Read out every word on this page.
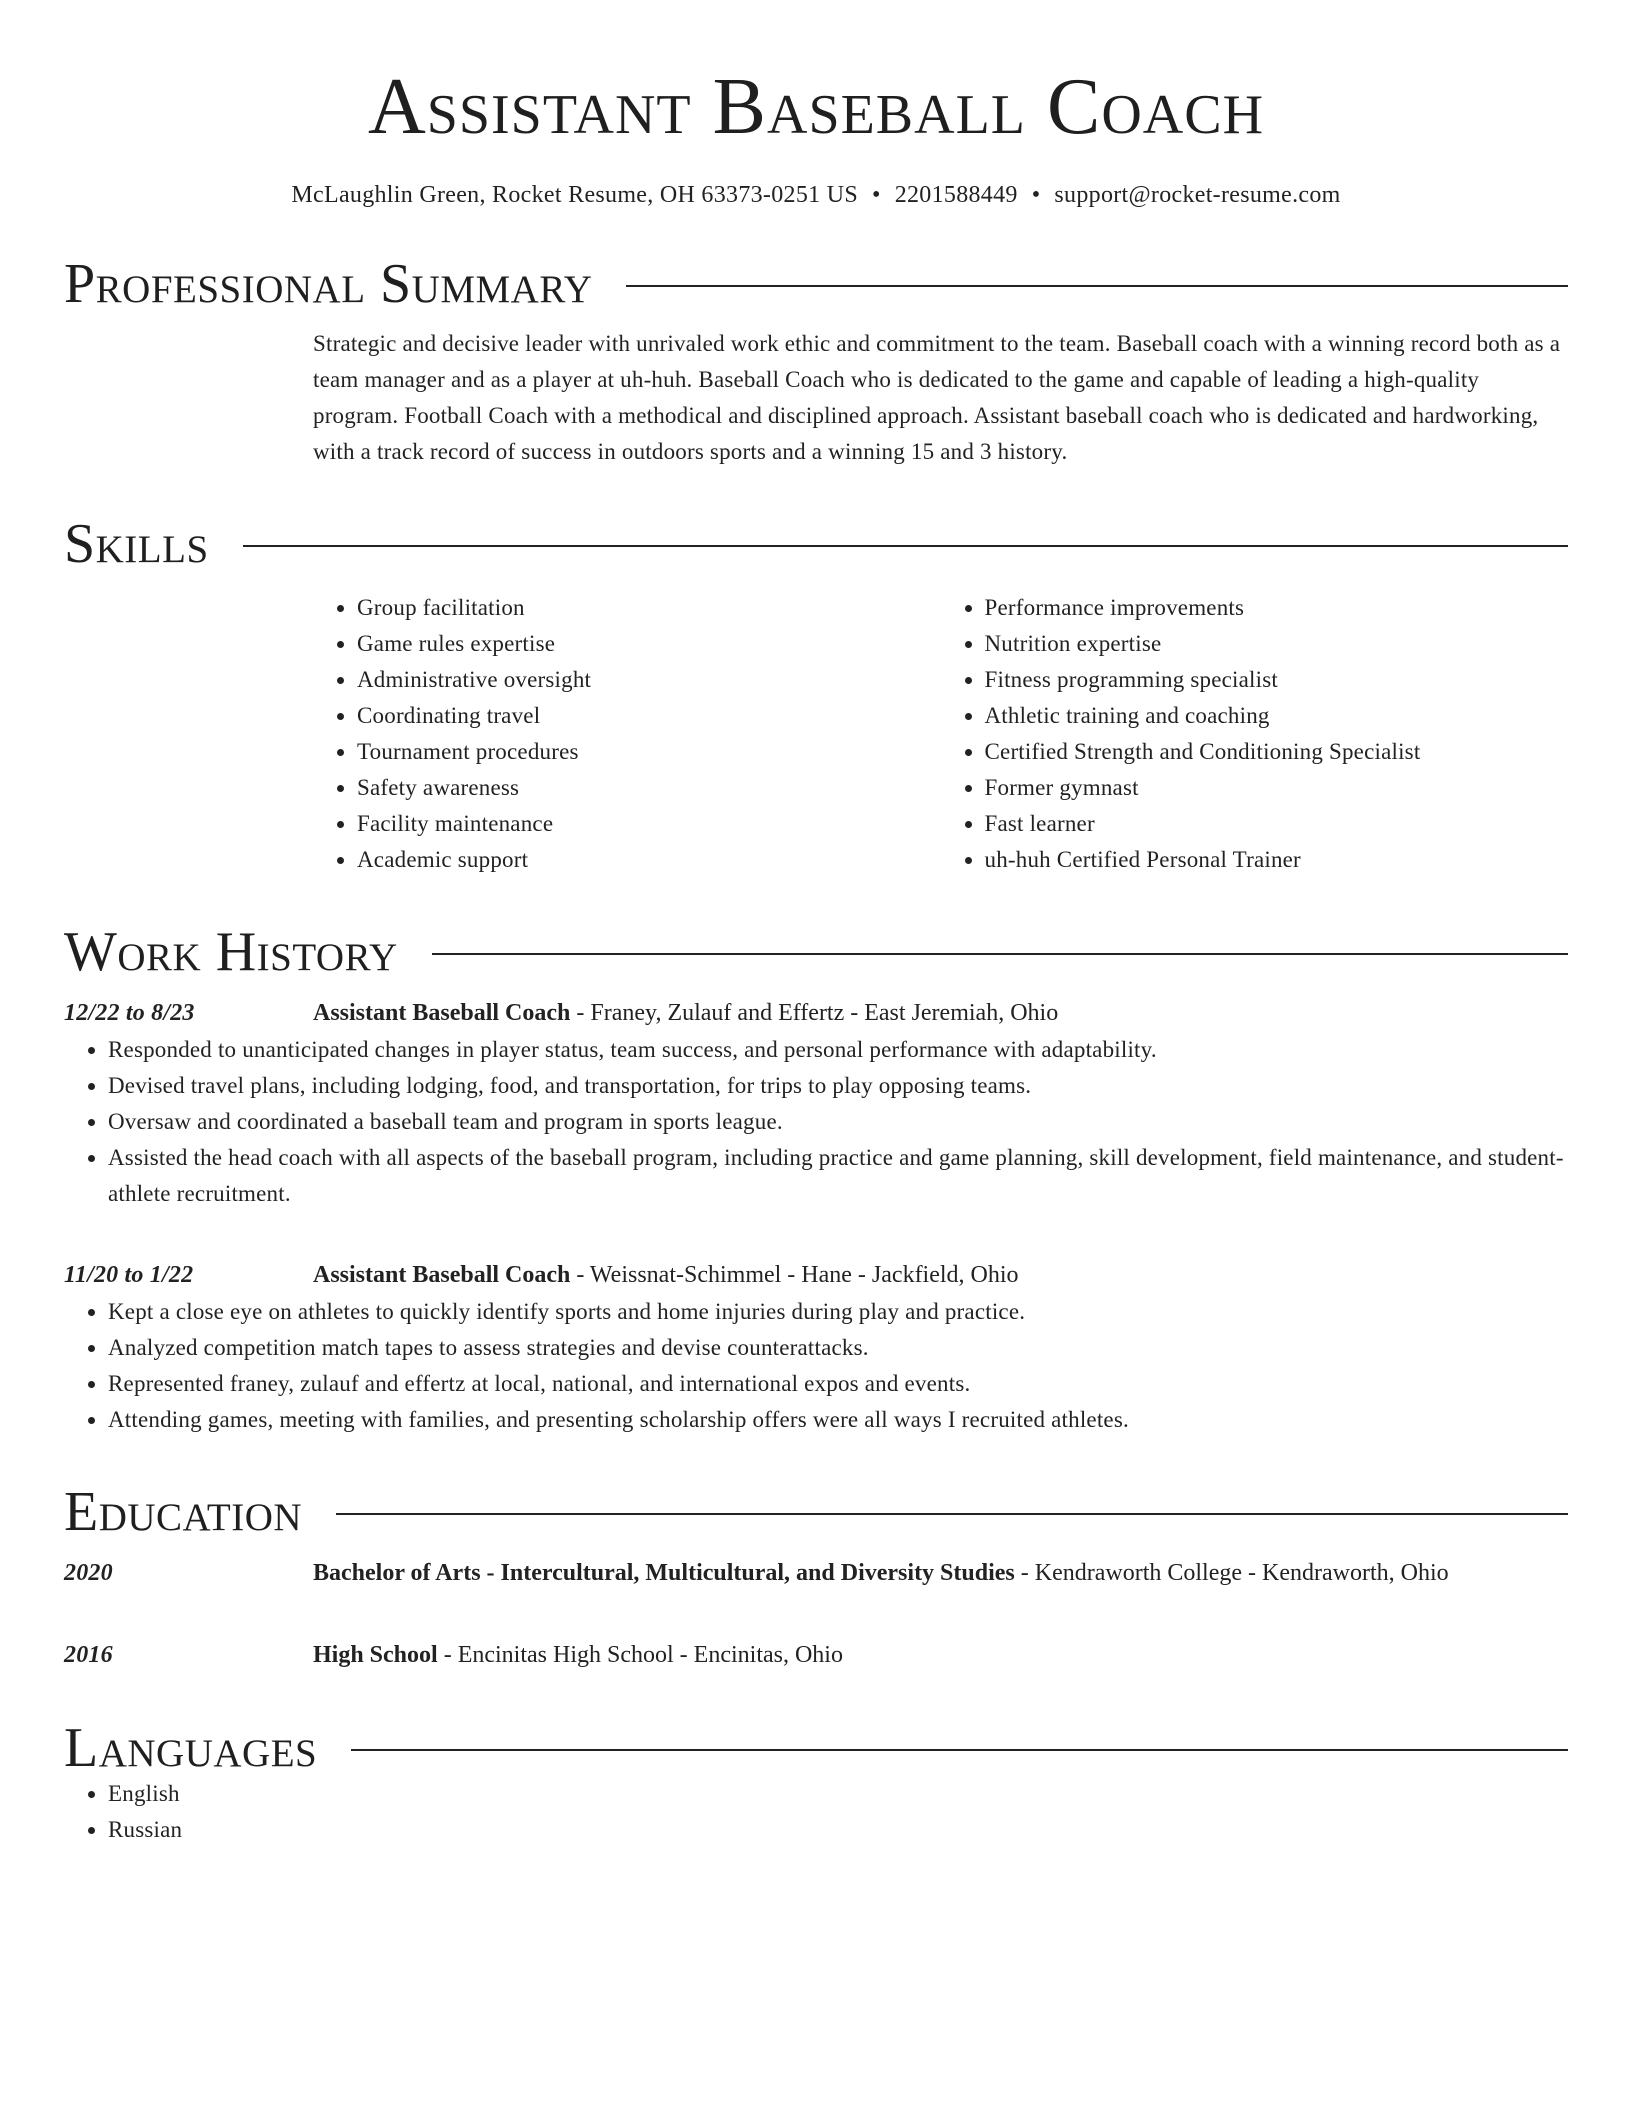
Assistant Baseball Coach
McLaughlin Green, Rocket Resume, OH 63373-0251 US • 2201588449 • support@rocket-resume.com
Professional Summary
Strategic and decisive leader with unrivaled work ethic and commitment to the team. Baseball coach with a winning record both as a team manager and as a player at uh-huh. Baseball Coach who is dedicated to the game and capable of leading a high-quality program. Football Coach with a methodical and disciplined approach. Assistant baseball coach who is dedicated and hardworking, with a track record of success in outdoors sports and a winning 15 and 3 history.
Skills
• Group facilitation
• Game rules expertise
• Administrative oversight
• Coordinating travel
• Tournament procedures
• Safety awareness
• Facility maintenance
• Academic support
• Performance improvements
• Nutrition expertise
• Fitness programming specialist
• Athletic training and coaching
• Certified Strength and Conditioning Specialist
• Former gymnast
• Fast learner
• uh-huh Certified Personal Trainer
Work History
12/22 to 8/23	Assistant Baseball Coach - Franey, Zulauf and Effertz - East Jeremiah, Ohio
• Responded to unanticipated changes in player status, team success, and personal performance with adaptability.
• Devised travel plans, including lodging, food, and transportation, for trips to play opposing teams.
• Oversaw and coordinated a baseball team and program in sports league.
• Assisted the head coach with all aspects of the baseball program, including practice and game planning, skill development, field maintenance, and student-athlete recruitment.
11/20 to 1/22	Assistant Baseball Coach - Weissnat-Schimmel - Hane - Jackfield, Ohio
• Kept a close eye on athletes to quickly identify sports and home injuries during play and practice.
• Analyzed competition match tapes to assess strategies and devise counterattacks.
• Represented franey, zulauf and effertz at local, national, and international expos and events.
• Attending games, meeting with families, and presenting scholarship offers were all ways I recruited athletes.
Education
2020	Bachelor of Arts - Intercultural, Multicultural, and Diversity Studies - Kendraworth College - Kendraworth, Ohio
2016	High School - Encinitas High School - Encinitas, Ohio
Languages
• English
• Russian
